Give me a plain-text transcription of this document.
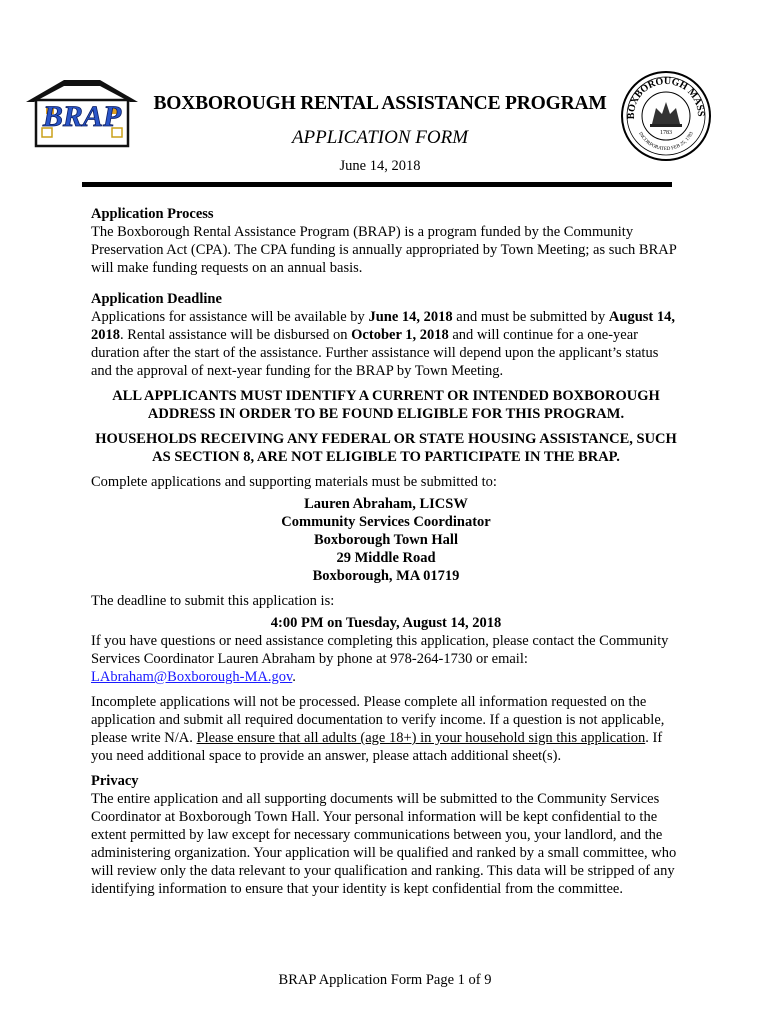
BRAP	BOXBOROUGH RENTAL ASSISTANCE PROGRAM
BOXBOROUGH MASS
INCORPORATED FEB 25, 1783
1783
APPLICATION FORM
June 14, 2018

Application Process

The Boxborough Rental Assistance Program (BRAP) is a program funded by the Community Preservation Act (CPA). The CPA funding is annually appropriated by Town Meeting; as such BRAP will make funding requests on an annual basis.

Application Deadline

Applications for assistance will be available by June 14, 2018 and must be submitted by August 14, 2018. Rental assistance will be disbursed on October 1, 2018 and will continue for a one-year duration after the start of the assistance. Further assistance will depend upon the applicant’s status and the approval of next-year funding for the BRAP by Town Meeting.

ALL APPLICANTS MUST IDENTIFY A CURRENT OR INTENDED BOXBOROUGH ADDRESS IN ORDER TO BE FOUND ELIGIBLE FOR THIS PROGRAM.

HOUSEHOLDS RECEIVING ANY FEDERAL OR STATE HOUSING ASSISTANCE, SUCH AS SECTION 8, ARE NOT ELIGIBLE TO PARTICIPATE IN THE BRAP.

Complete applications and supporting materials must be submitted to:

Lauren Abraham, LICSW
Community Services Coordinator
Boxborough Town Hall
29 Middle Road
Boxborough, MA 01719

The deadline to submit this application is:

4:00 PM on Tuesday, August 14, 2018

If you have questions or need assistance completing this application, please contact the Community Services Coordinator Lauren Abraham by phone at 978-264-1730 or email: LAbraham@Boxborough-MA.gov.

Incomplete applications will not be processed. Please complete all information requested on the application and submit all required documentation to verify income. If a question is not applicable, please write N/A. Please ensure that all adults (age 18+) in your household sign this application. If you need additional space to provide an answer, please attach additional sheet(s).

Privacy

The entire application and all supporting documents will be submitted to the Community Services Coordinator at Boxborough Town Hall. Your personal information will be kept confidential to the extent permitted by law except for necessary communications between you, your landlord, and the administering organization. Your application will be qualified and ranked by a small committee, who will review only the data relevant to your qualification and ranking. This data will be stripped of any identifying information to ensure that your identity is kept confidential from the committee.

BRAP Application Form Page 1 of 9
